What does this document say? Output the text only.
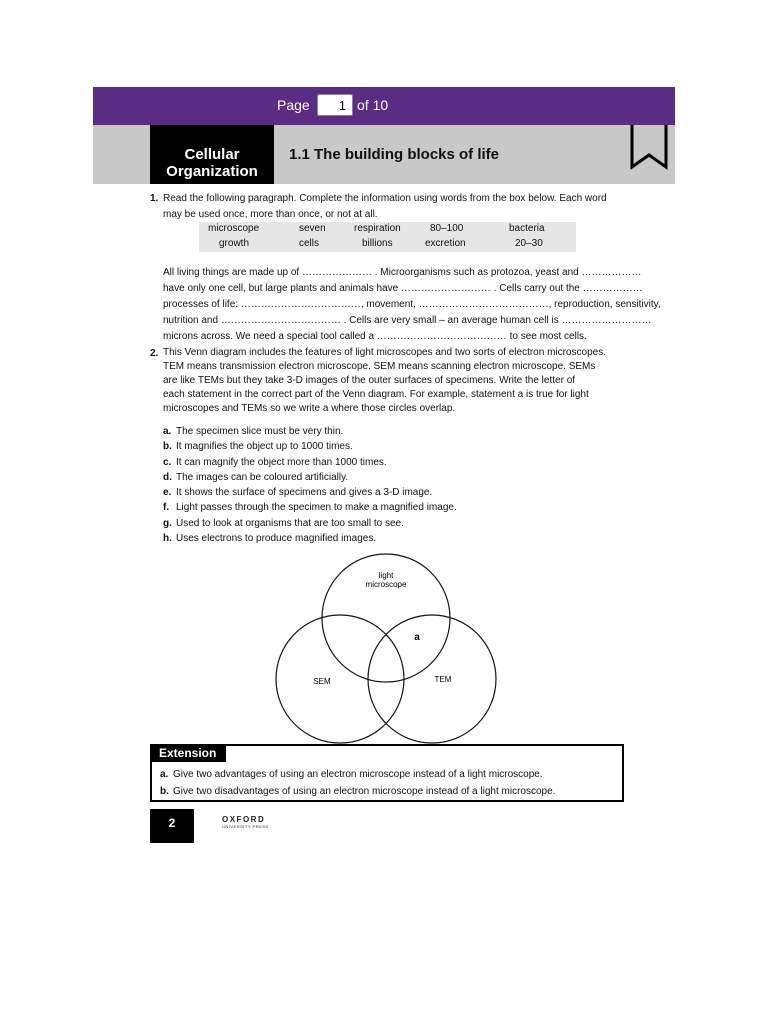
Page	1 of 10
Cellular
Organization
1.1 The building blocks of life
1. Read the following paragraph. Complete the information using words from the box below. Each word
may be used once, more than once, or not at all.
microscope	seven	respiration	80–100	bacteria
growth	cells	billions	excretion	20–30
All living things are made up of ………………… . Microorganisms such as protozoa, yeast and ………………
have only one cell, but large plants and animals have ……………………… . Cells carry out the ………………
processes of life: ………………………………, movement, …………………………………, reproduction, sensitivity,
nutrition and ……………………………… . Cells are very small – an average human cell is ………………………
microns across. We need a special tool called a ………………………………… to see most cells.
2. This Venn diagram includes the features of light microscopes and two sorts of electron microscopes.
TEM means transmission electron microscope. SEM means scanning electron microscope. SEMs
are like TEMs but they take 3-D images of the outer surfaces of specimens. Write the letter of
each statement in the correct part of the Venn diagram. For example, statement a is true for light
microscopes and TEMs so we write a where those circles overlap.
a. The specimen slice must be very thin.
b. It magnifies the object up to 1000 times.
c. It can magnify the object more than 1000 times.
d. The images can be coloured artificially.
e. It shows the surface of specimens and gives a 3-D image.
f. Light passes through the specimen to make a magnified image.
g. Used to look at organisms that are too small to see.
h. Uses electrons to produce magnified images.
light
microscope
SEM	TEM
a
Extension
a. Give two advantages of using an electron microscope instead of a light microscope.
b. Give two disadvantages of using an electron microscope instead of a light microscope.
2	OXFORD
UNIVERSITY PRESS
